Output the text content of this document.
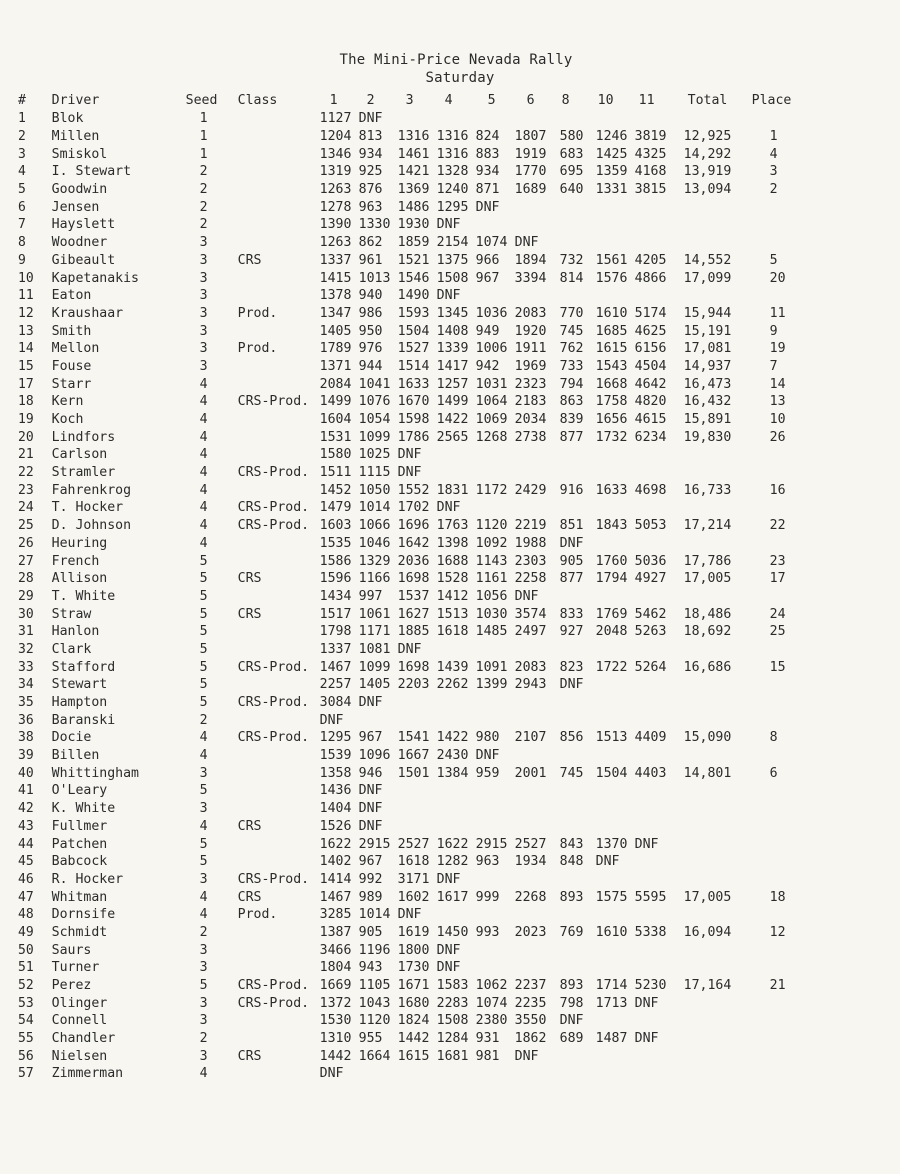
The Mini-Price Nevada Rally
Saturday
#	Driver	Seed	Class	1	2	3	4	5	6	8	10	11	Total	Place
1	Blok	1		1127	DNF									
2	Millen	1		1204	813	1316	1316	824	1807	580	1246	3819	12,925	1
3	Smiskol	1		1346	934	1461	1316	883	1919	683	1425	4325	14,292	4
4	I. Stewart	2		1319	925	1421	1328	934	1770	695	1359	4168	13,919	3
5	Goodwin	2		1263	876	1369	1240	871	1689	640	1331	3815	13,094	2
6	Jensen	2		1278	963	1486	1295	DNF						
7	Hayslett	2		1390	1330	1930	DNF							
8	Woodner	3		1263	862	1859	2154	1074	DNF					
9	Gibeault	3	CRS	1337	961	1521	1375	966	1894	732	1561	4205	14,552	5
10	Kapetanakis	3		1415	1013	1546	1508	967	3394	814	1576	4866	17,099	20
11	Eaton	3		1378	940	1490	DNF							
12	Kraushaar	3	Prod.	1347	986	1593	1345	1036	2083	770	1610	5174	15,944	11
13	Smith	3		1405	950	1504	1408	949	1920	745	1685	4625	15,191	9
14	Mellon	3	Prod.	1789	976	1527	1339	1006	1911	762	1615	6156	17,081	19
15	Fouse	3		1371	944	1514	1417	942	1969	733	1543	4504	14,937	7
17	Starr	4		2084	1041	1633	1257	1031	2323	794	1668	4642	16,473	14
18	Kern	4	CRS-Prod.	1499	1076	1670	1499	1064	2183	863	1758	4820	16,432	13
19	Koch	4		1604	1054	1598	1422	1069	2034	839	1656	4615	15,891	10
20	Lindfors	4		1531	1099	1786	2565	1268	2738	877	1732	6234	19,830	26
21	Carlson	4		1580	1025	DNF								
22	Stramler	4	CRS-Prod.	1511	1115	DNF								
23	Fahrenkrog	4		1452	1050	1552	1831	1172	2429	916	1633	4698	16,733	16
24	T. Hocker	4	CRS-Prod.	1479	1014	1702	DNF							
25	D. Johnson	4	CRS-Prod.	1603	1066	1696	1763	1120	2219	851	1843	5053	17,214	22
26	Heuring	4		1535	1046	1642	1398	1092	1988	DNF				
27	French	5		1586	1329	2036	1688	1143	2303	905	1760	5036	17,786	23
28	Allison	5	CRS	1596	1166	1698	1528	1161	2258	877	1794	4927	17,005	17
29	T. White	5		1434	997	1537	1412	1056	DNF					
30	Straw	5	CRS	1517	1061	1627	1513	1030	3574	833	1769	5462	18,486	24
31	Hanlon	5		1798	1171	1885	1618	1485	2497	927	2048	5263	18,692	25
32	Clark	5		1337	1081	DNF								
33	Stafford	5	CRS-Prod.	1467	1099	1698	1439	1091	2083	823	1722	5264	16,686	15
34	Stewart	5		2257	1405	2203	2262	1399	2943	DNF				
35	Hampton	5	CRS-Prod.	3084	DNF									
36	Baranski	2		DNF										
38	Docie	4	CRS-Prod.	1295	967	1541	1422	980	2107	856	1513	4409	15,090	8
39	Billen	4		1539	1096	1667	2430	DNF						
40	Whittingham	3		1358	946	1501	1384	959	2001	745	1504	4403	14,801	6
41	O'Leary	5		1436	DNF									
42	K. White	3		1404	DNF									
43	Fullmer	4	CRS	1526	DNF									
44	Patchen	5		1622	2915	2527	1622	2915	2527	843	1370	DNF		
45	Babcock	5		1402	967	1618	1282	963	1934	848	DNF			
46	R. Hocker	3	CRS-Prod.	1414	992	3171	DNF							
47	Whitman	4	CRS	1467	989	1602	1617	999	2268	893	1575	5595	17,005	18
48	Dornsife	4	Prod.	3285	1014	DNF								
49	Schmidt	2		1387	905	1619	1450	993	2023	769	1610	5338	16,094	12
50	Saurs	3		3466	1196	1800	DNF							
51	Turner	3		1804	943	1730	DNF							
52	Perez	5	CRS-Prod.	1669	1105	1671	1583	1062	2237	893	1714	5230	17,164	21
53	Olinger	3	CRS-Prod.	1372	1043	1680	2283	1074	2235	798	1713	DNF		
54	Connell	3		1530	1120	1824	1508	2380	3550	DNF				
55	Chandler	2		1310	955	1442	1284	931	1862	689	1487	DNF		
56	Nielsen	3	CRS	1442	1664	1615	1681	981	DNF					
57	Zimmerman	4		DNF										
